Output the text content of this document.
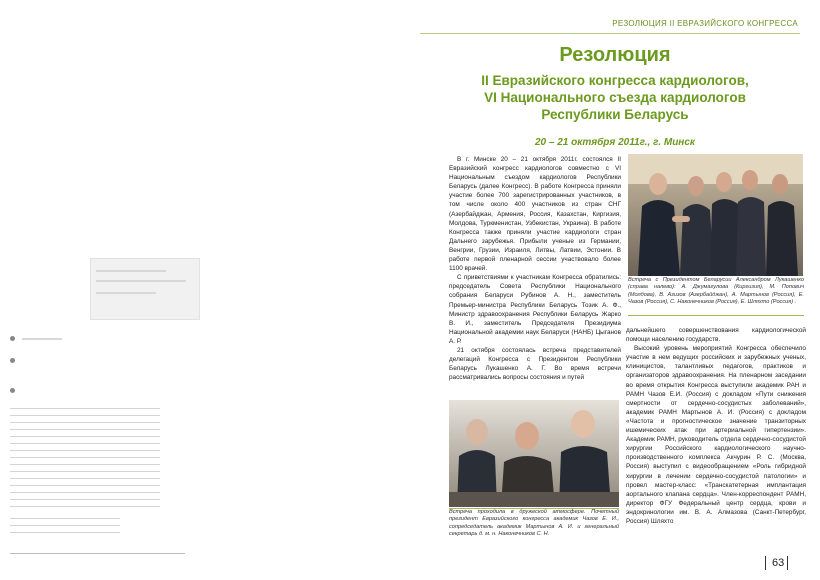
РЕЗОЛЮЦИЯ II ЕВРАЗИЙСКОГО КОНГРЕССА
Резолюция
II Евразийского конгресса кардиологов,
VI Национального съезда кардиологов
Республики Беларусь
20 – 21 октября 2011г., г. Минск

В г. Минске 20 – 21 октября 2011г. состоялся II Евразийский конгресс кардиологов совместно с VI Национальным съездом кардиологов Республики Беларусь (далее Конгресс). В работе Конгресса приняли участие более 700 зарегистрированных участников, в том числе около 400 участников из стран СНГ (Азербайджан, Армения, Россия, Казахстан, Киргизия, Молдова, Туркменистан, Узбекистан, Украина). В работе Конгресса также приняли участие кардиологи стран Дальнего зарубежья. Прибыли ученые из Германии, Венгрии, Грузии, Израиля, Литвы, Латвии, Эстонии. В работе первой пленарной сессии участвовало более 1100 врачей.

С приветствиями к участникам Конгресса обратились: председатель Совета Республики Национального собрания Беларуси Рубинов А. Н., заместитель Премьер-министра Республики Беларусь Тозик А. Ф., Министр здравоохранения Республики Беларусь Жарко В. И., заместитель Председателя Президиума Национальной академии наук Беларуси (НАНБ) Цыганов А. Р.

21 октября состоялась встреча представителей делегаций Конгресса с Президентом Республики Беларусь Лукашенко А. Г. Во время встречи рассматривались вопросы состояния и путей

Встреча с Президентом Беларусии Александром Лукашенко (справа налево): А. Джумагулова (Киргизия), М. Попович (Молдова), В. Азизов (Азербайджан), А. Мартынов (Россия), Е. Чазов (Россия), С. Наконечников (Россия), Е. Шляхто (Россия) .

дальнейшего совершенствования кардиологической помощи населению государств.

Высокий уровень мероприятий Конгресса обеспечило участие в нем ведущих российских и зарубежных ученых, клиницистов, талантливых педагогов, практиков и организаторов здравоохранения. На пленарном заседании во время открытия Конгресса выступили академик РАН и РАМН Чазов Е.И. (Россия) с докладом «Пути снижения смертности от сердечно-сосудистых заболеваний», академик РАМН Мартынов А. И. (Россия) с докладом «Частота и прогностическое значение транзиторных ишемических атак при артериальной гипертензии». Академик РАМН, руководитель отдела сердечно-сосудистой хирургии Российского кардиологического научно-производственного комплекса Акчурин Р. С. (Москва, Россия) выступил с видеообращением «Роль гибридной хирургии в лечении сердечно-сосудистой патологии» и провел мастер-класс: «Транскатетерная имплантация аортального клапана сердца». Член-корреспондент РАМН, директор ФГУ Федеральный центр сердца, крови и эндокринологии им. В. А. Алмазова (Санкт-Петербург, Россия) Шляхто

Встреча проходила в дружеской атмосфере. Почетный президент Евразийского конгресса академик Чазов Е. И., сопредседатель академик Мартынов А. И. и генеральный секретарь д. м. н. Наконечников С. Н.
63
